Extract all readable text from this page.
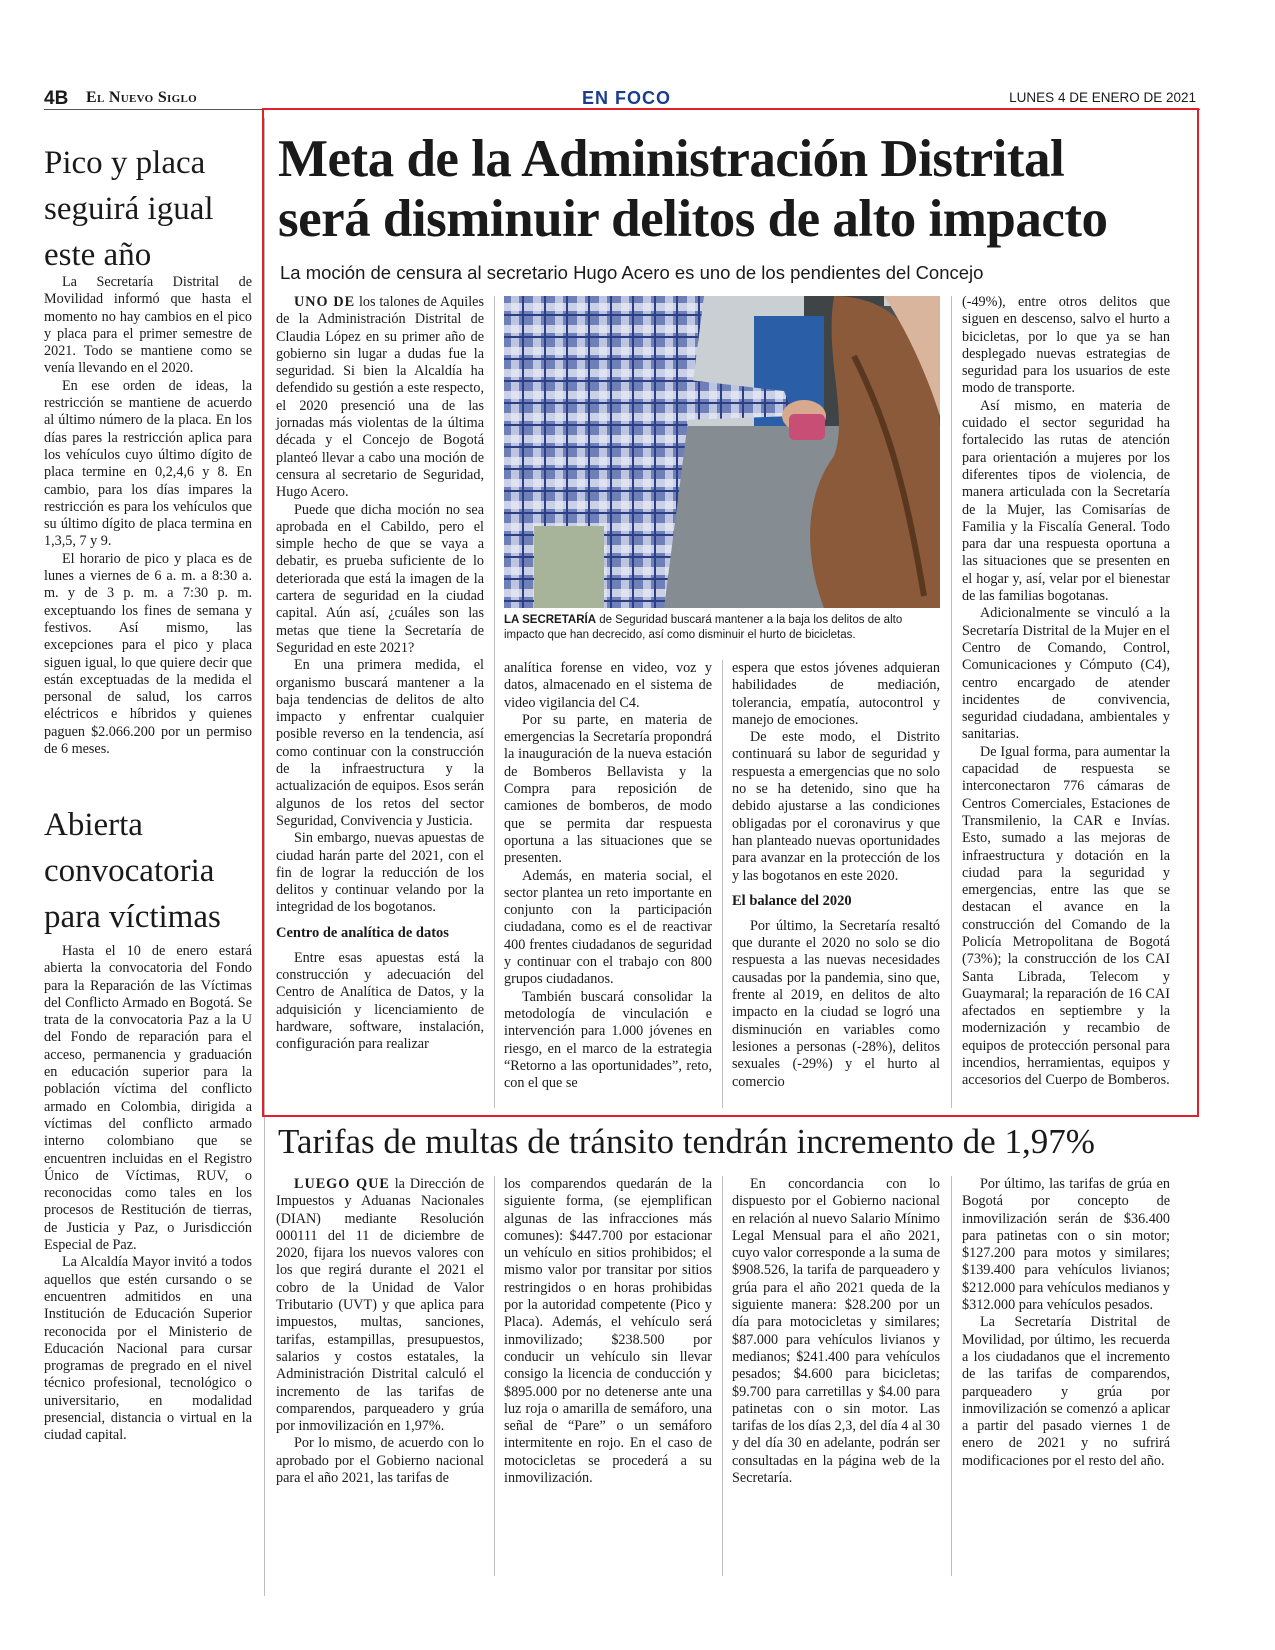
4B El Nuevo Siglo	EN FOCO	LUNES 4 DE ENERO DE 2021
Pico y placa seguirá igual este año

La Secretaría Distrital de Movilidad informó que hasta el momento no hay cambios en el pico y placa para el primer semestre de 2021. Todo se mantiene como se venía llevando en el 2020.

En ese orden de ideas, la restricción se mantiene de acuerdo al último número de la placa. En los días pares la restricción aplica para los vehículos cuyo último dígito de placa termine en 0,2,4,6 y 8. En cambio, para los días impares la restricción es para los vehículos que su último dígito de placa termina en 1,3,5, 7 y 9.

El horario de pico y placa es de lunes a viernes de 6 a. m. a 8:30 a. m. y de 3 p. m. a 7:30 p. m. exceptuando los fines de semana y festivos. Así mismo, las excepciones para el pico y placa siguen igual, lo que quiere decir que están exceptuadas de la medida el personal de salud, los carros eléctricos e híbridos y quienes paguen $2.066.200 por un permiso de 6 meses.

Abierta convocatoria para víctimas

Hasta el 10 de enero estará abierta la convocatoria del Fondo para la Reparación de las Víctimas del Conflicto Armado en Bogotá. Se trata de la convocatoria Paz a la U del Fondo de reparación para el acceso, permanencia y graduación en educación superior para la población víctima del conflicto armado en Colombia, dirigida a víctimas del conflicto armado interno colombiano que se encuentren incluidas en el Registro Único de Víctimas, RUV, o reconocidas como tales en los procesos de Restitución de tierras, de Justicia y Paz, o Jurisdicción Especial de Paz.

La Alcaldía Mayor invitó a todos aquellos que estén cursando o se encuentren admitidos en una Institución de Educación Superior reconocida por el Ministerio de Educación Nacional para cursar programas de pregrado en el nivel técnico profesional, tecnológico o universitario, en modalidad presencial, distancia o virtual en la ciudad capital.

Meta de la Administración Distrital
será disminuir delitos de alto impacto
La moción de censura al secretario Hugo Acero es uno de los pendientes del Concejo

UNO DE los talones de Aquiles de la Administración Distrital de Claudia López en su primer año de gobierno sin lugar a dudas fue la seguridad. Si bien la Alcaldía ha defendido su gestión a este respecto, el 2020 presenció una de las jornadas más violentas de la última década y el Concejo de Bogotá planteó llevar a cabo una moción de censura al secretario de Seguridad, Hugo Acero.

Puede que dicha moción no sea aprobada en el Cabildo, pero el simple hecho de que se vaya a debatir, es prueba suficiente de lo deteriorada que está la imagen de la cartera de seguridad en la ciudad capital. Aún así, ¿cuáles son las metas que tiene la Secretaría de Seguridad en este 2021?

En una primera medida, el organismo buscará mantener a la baja tendencias de delitos de alto impacto y enfrentar cualquier posible reverso en la tendencia, así como continuar con la construcción de la infraestructura y la actualización de equipos. Esos serán algunos de los retos del sector Seguridad, Convivencia y Justicia.

Sin embargo, nuevas apuestas de ciudad harán parte del 2021, con el fin de lograr la reducción de los delitos y continuar velando por la integridad de los bogotanos.

Centro de analítica de datos

Entre esas apuestas está la construcción y adecuación del Centro de Analítica de Datos, y la adquisición y licenciamiento de hardware, software, instalación, configuración para realizar

LA SECRETARÍA de Seguridad buscará mantener a la baja los delitos de alto impacto que han decrecido, así como disminuir el hurto de bicicletas.

analítica forense en video, voz y datos, almacenado en el sistema de video vigilancia del C4.

Por su parte, en materia de emergencias la Secretaría propondrá la inauguración de la nueva estación de Bomberos Bellavista y la Compra para reposición de camiones de bomberos, de modo que se permita dar respuesta oportuna a las situaciones que se presenten.

Además, en materia social, el sector plantea un reto importante en conjunto con la participación ciudadana, como es el de reactivar 400 frentes ciudadanos de seguridad y continuar con el trabajo con 800 grupos ciudadanos.

También buscará consolidar la metodología de vinculación e intervención para 1.000 jóvenes en riesgo, en el marco de la estrategia “Retorno a las oportunidades”, reto, con el que se

espera que estos jóvenes adquieran habilidades de mediación, tolerancia, empatía, autocontrol y manejo de emociones.

De este modo, el Distrito continuará su labor de seguridad y respuesta a emergencias que no solo no se ha detenido, sino que ha debido ajustarse a las condiciones obligadas por el coronavirus y que han planteado nuevas oportunidades para avanzar en la protección de los y las bogotanos en este 2020.

El balance del 2020

Por último, la Secretaría resaltó que durante el 2020 no solo se dio respuesta a las nuevas necesidades causadas por la pandemia, sino que, frente al 2019, en delitos de alto impacto en la ciudad se logró una disminución en variables como lesiones a personas (-28%), delitos sexuales (-29%) y el hurto al comercio

(-49%), entre otros delitos que siguen en descenso, salvo el hurto a bicicletas, por lo que ya se han desplegado nuevas estrategias de seguridad para los usuarios de este modo de transporte.

Así mismo, en materia de cuidado el sector seguridad ha fortalecido las rutas de atención para orientación a mujeres por los diferentes tipos de violencia, de manera articulada con la Secretaría de la Mujer, las Comisarías de Familia y la Fiscalía General. Todo para dar una respuesta oportuna a las situaciones que se presenten en el hogar y, así, velar por el bienestar de las familias bogotanas.

Adicionalmente se vinculó a la Secretaría Distrital de la Mujer en el Centro de Comando, Control, Comunicaciones y Cómputo (C4), centro encargado de atender incidentes de convivencia, seguridad ciudadana, ambientales y sanitarias.

De Igual forma, para aumentar la capacidad de respuesta se interconectaron 776 cámaras de Centros Comerciales, Estaciones de Transmilenio, la CAR e Invías. Esto, sumado a las mejoras de infraestructura y dotación en la ciudad para la seguridad y emergencias, entre las que se destacan el avance en la construcción del Comando de la Policía Metropolitana de Bogotá (73%); la construcción de los CAI Santa Librada, Telecom y Guaymaral; la reparación de 16 CAI afectados en septiembre y la modernización y recambio de equipos de protección personal para incendios, herramientas, equipos y accesorios del Cuerpo de Bomberos.

Tarifas de multas de tránsito tendrán incremento de 1,97%

LUEGO QUE la Dirección de Impuestos y Aduanas Nacionales (DIAN) mediante Resolución 000111 del 11 de diciembre de 2020, fijara los nuevos valores con los que regirá durante el 2021 el cobro de la Unidad de Valor Tributario (UVT) y que aplica para impuestos, multas, sanciones, tarifas, estampillas, presupuestos, salarios y costos estatales, la Administración Distrital calculó el incremento de las tarifas de comparendos, parqueadero y grúa por inmovilización en 1,97%.

Por lo mismo, de acuerdo con lo aprobado por el Gobierno nacional para el año 2021, las tarifas de

los comparendos quedarán de la siguiente forma, (se ejemplifican algunas de las infracciones más comunes): $447.700 por estacionar un vehículo en sitios prohibidos; el mismo valor por transitar por sitios restringidos o en horas prohibidas por la autoridad competente (Pico y Placa). Además, el vehículo será inmovilizado; $238.500 por conducir un vehículo sin llevar consigo la licencia de conducción y $895.000 por no detenerse ante una luz roja o amarilla de semáforo, una señal de “Pare” o un semáforo intermitente en rojo. En el caso de motocicletas se procederá a su inmovilización.

En concordancia con lo dispuesto por el Gobierno nacional en relación al nuevo Salario Mínimo Legal Mensual para el año 2021, cuyo valor corresponde a la suma de $908.526, la tarifa de parqueadero y grúa para el año 2021 queda de la siguiente manera: $28.200 por un día para motocicletas y similares; $87.000 para vehículos livianos y medianos; $241.400 para vehículos pesados; $4.600 para bicicletas; $9.700 para carretillas y $4.00 para patinetas con o sin motor. Las tarifas de los días 2,3, del día 4 al 30 y del día 30 en adelante, podrán ser consultadas en la página web de la Secretaría.

Por último, las tarifas de grúa en Bogotá por concepto de inmovilización serán de $36.400 para patinetas con o sin motor; $127.200 para motos y similares; $139.400 para vehículos livianos; $212.000 para vehículos medianos y $312.000 para vehículos pesados.

La Secretaría Distrital de Movilidad, por último, les recuerda a los ciudadanos que el incremento de las tarifas de comparendos, parqueadero y grúa por inmovilización se comenzó a aplicar a partir del pasado viernes 1 de enero de 2021 y no sufrirá modificaciones por el resto del año.
